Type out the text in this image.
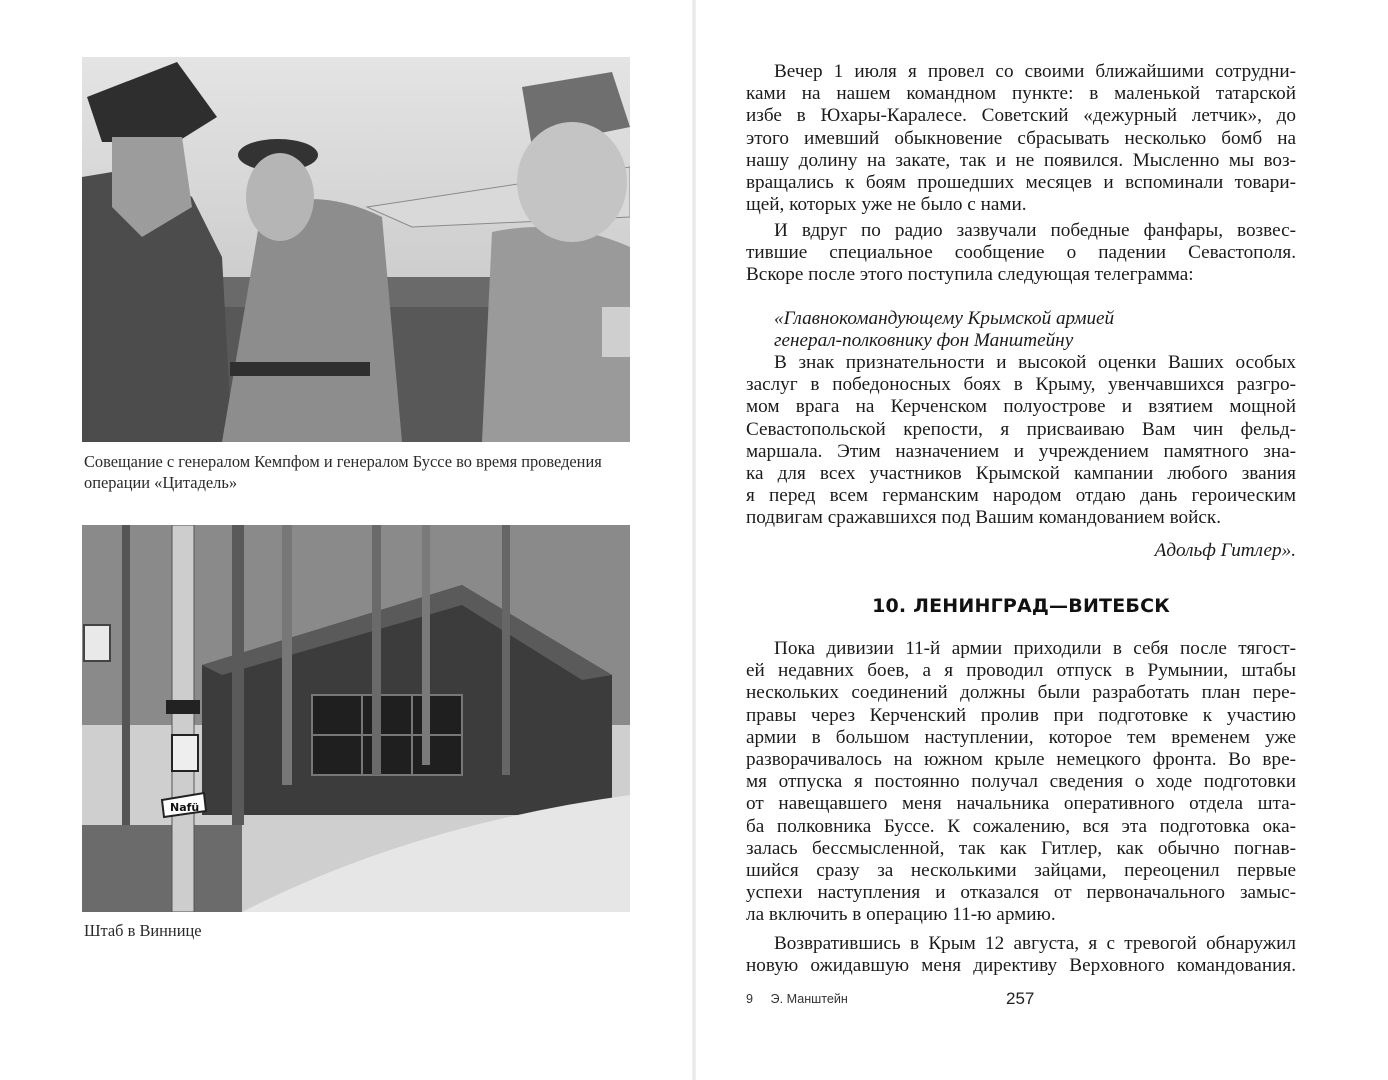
Совещание с генералом Кемпфом и генералом Буссе во время проведения
операции «Цитадель»
Nafü
Штаб в Виннице

Вечер 1 июля я провел со своими ближайшими сотрудни-
ками на нашем командном пункте: в маленькой татарской
избе в Юхары-Каралесе. Советский «дежурный летчик», до
этого имевший обыкновение сбрасывать несколько бомб на
нашу долину на закате, так и не появился. Мысленно мы воз-
вращались к боям прошедших месяцев и вспоминали товари-
щей, которых уже не было с нами.

И вдруг по радио зазвучали победные фанфары, возвес-
тившие специальное сообщение о падении Севастополя.
Вскоре после этого поступила следующая телеграмма:

«Главнокомандующему Крымской армией
генерал-полковнику фон Манштейну

В знак признательности и высокой оценки Ваших особых
заслуг в победоносных боях в Крыму, увенчавшихся разгро-
мом врага на Керченском полуострове и взятием мощной
Севастопольской крепости, я присваиваю Вам чин фельд-
маршала. Этим назначением и учреждением памятного зна-
ка для всех участников Крымской кампании любого звания
я перед всем германским народом отдаю дань героическим
подвигам сражавшихся под Вашим командованием войск.

Адольф Гитлер».
10. ЛЕНИНГРАД—ВИТЕБСК

Пока дивизии 11-й армии приходили в себя после тягост-
ей недавних боев, а я проводил отпуск в Румынии, штабы
нескольких соединений должны были разработать план пере-
правы через Керченский пролив при подготовке к участию
армии в большом наступлении, которое тем временем уже
разворачивалось на южном крыле немецкого фронта. Во вре-
мя отпуска я постоянно получал сведения о ходе подготовки
от навещавшего меня начальника оперативного отдела шта-
ба полковника Буссе. К сожалению, вся эта подготовка ока-
залась бессмысленной, так как Гитлер, как обычно погнав-
шийся сразу за несколькими зайцами, переоценил первые
успехи наступления и отказался от первоначального замыс-
ла включить в операцию 11-ю армию.

Возвратившись в Крым 12 августа, я с тревогой обнаружил
новую ожидавшую меня директиву Верховного командования.

9 Э. Манштейн	257
